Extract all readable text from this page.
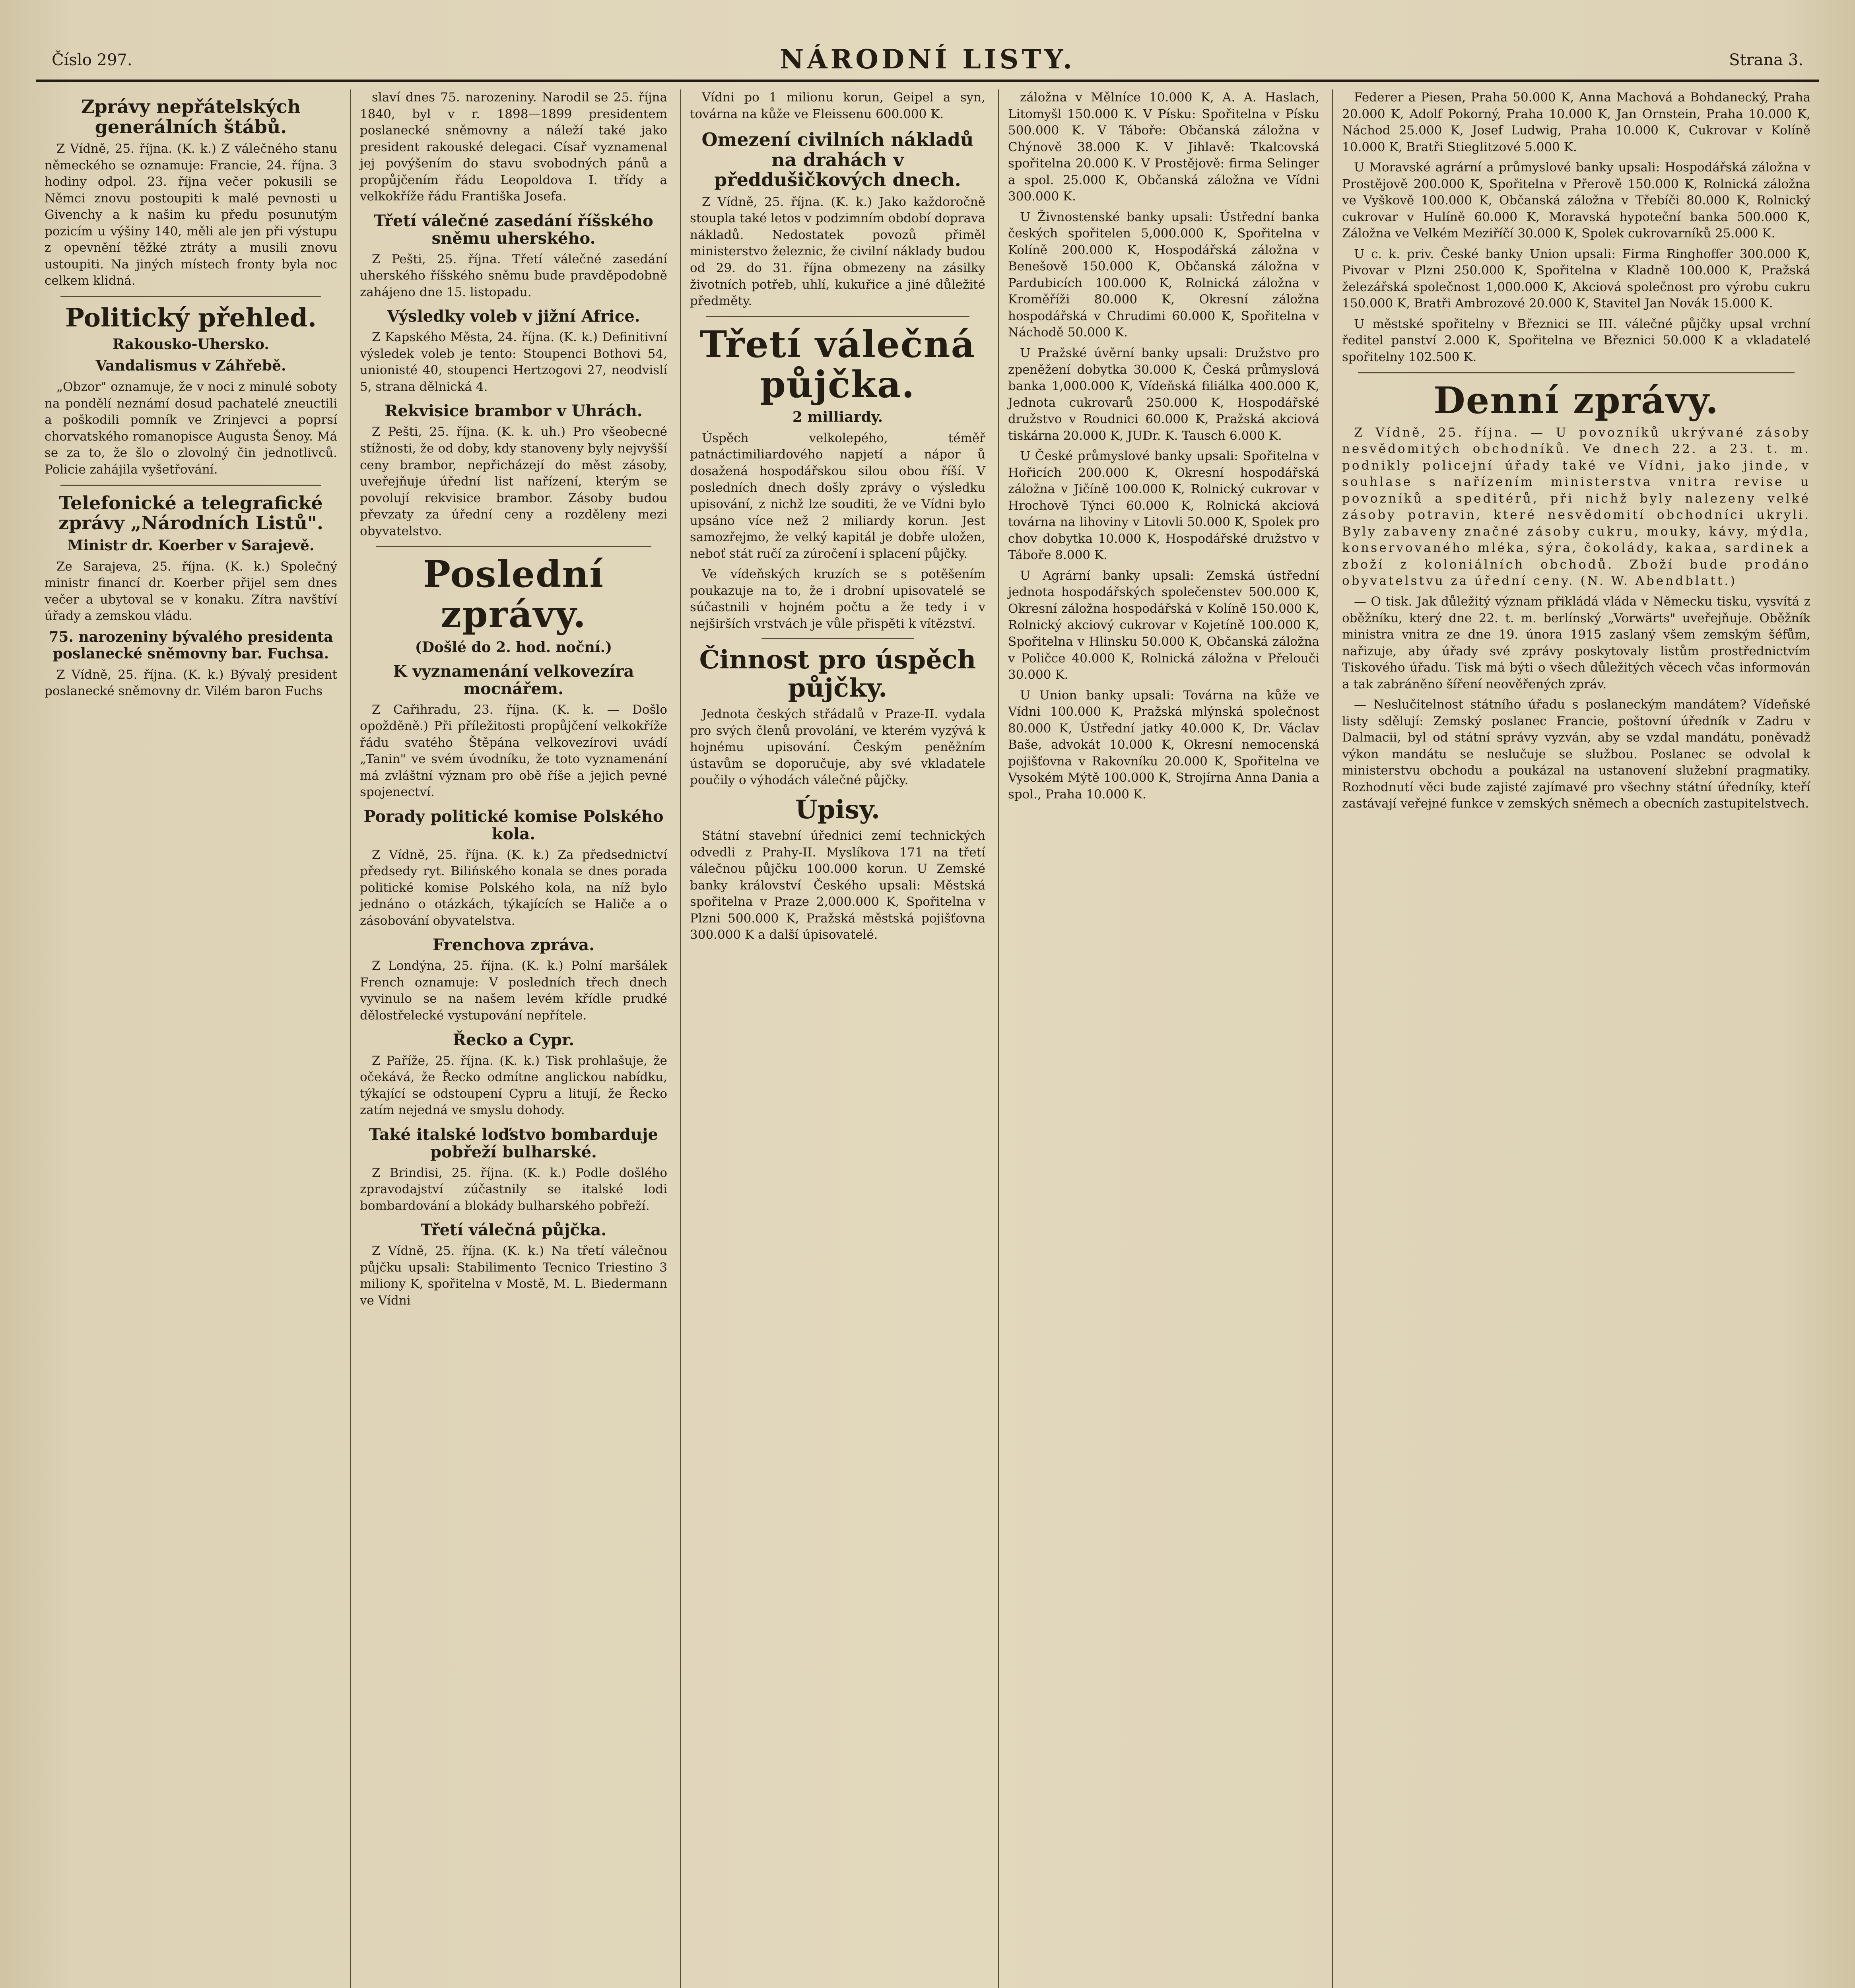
Číslo 297.	NÁRODNÍ LISTY.	Strana 3.
Zprávy nepřátelských generálních štábů.

Z Vídně, 25. října. (K. k.) Z válečného stanu německého se oznamuje: Francie, 24. října. 3 hodiny odpol. 23. října večer pokusili se Němci znovu postoupiti k malé pevnosti u Givenchy a k našim ku předu posunutým pozicím u výšiny 140, měli ale jen při výstupu z opevnění těžké ztráty a musili znovu ustoupiti. Na jiných místech fronty byla noc celkem klidná.

Politický přehled.
Rakousko-Uhersko.
Vandalismus v Záhřebě.

„Obzor" oznamuje, že v noci z minulé soboty na pondělí neznámí dosud pachatelé zneuctili a poškodili pomník ve Zrinjevci a poprsí chorvatského romanopisce Augusta Šenoy. Má se za to, že šlo o zlovolný čin jednotlivců. Policie zahájila vyšetřování.

Telefonické a telegrafické zprávy „Národních Listů".
Ministr dr. Koerber v Sarajevě.

Ze Sarajeva, 25. října. (K. k.) Společný ministr financí dr. Koerber přijel sem dnes večer a ubytoval se v konaku. Zítra navštíví úřady a zemskou vládu.

75. narozeniny bývalého presidenta poslanecké sněmovny bar. Fuchsa.

Z Vídně, 25. října. (K. k.) Bývalý president poslanecké sněmovny dr. Vilém baron Fuchs

slaví dnes 75. narozeniny. Narodil se 25. října 1840, byl v r. 1898—1899 presidentem poslanecké sněmovny a náleží také jako president rakouské delegaci. Císař vyznamenal jej povýšením do stavu svobodných pánů a propůjčením řádu Leopoldova I. třídy a velkokříže řádu Františka Josefa.

Třetí válečné zasedání říšského sněmu uherského.

Z Pešti, 25. října. Třetí válečné zasedání uherského říšského sněmu bude pravděpodobně zahájeno dne 15. listopadu.

Výsledky voleb v jižní Africe.

Z Kapského Města, 24. října. (K. k.) Definitivní výsledek voleb je tento: Stoupenci Bothovi 54, unionisté 40, stoupenci Hertzogovi 27, neodvislí 5, strana dělnická 4.

Rekvisice brambor v Uhrách.

Z Pešti, 25. října. (K. k. uh.) Pro všeobecné stížnosti, že od doby, kdy stanoveny byly nejvyšší ceny brambor, nepřicházejí do měst zásoby, uveřejňuje úřední list nařízení, kterým se povolují rekvisice brambor. Zásoby budou převzaty za úřední ceny a rozděleny mezi obyvatelstvo.

Poslední zprávy.
(Došlé do 2. hod. noční.)
K vyznamenání velkovezíra mocnářem.

Z Cařihradu, 23. října. (K. k. — Došlo opožděně.) Při příležitosti propůjčení velkokříže řádu svatého Štěpána velkovezírovi uvádí „Tanin" ve svém úvodníku, že toto vyznamenání má zvláštní význam pro obě říše a jejich pevné spojenectví.

Porady politické komise Polského kola.

Z Vídně, 25. října. (K. k.) Za předsednictví předsedy ryt. Bilińského konala se dnes porada politické komise Polského kola, na níž bylo jednáno o otázkách, týkajících se Haliče a o zásobování obyvatelstva.

Frenchova zpráva.

Z Londýna, 25. října. (K. k.) Polní maršálek French oznamuje: V posledních třech dnech vyvinulo se na našem levém křídle prudké dělostřelecké vystupování nepřítele.

Řecko a Cypr.

Z Paříže, 25. října. (K. k.) Tisk prohlašuje, že očekává, že Řecko odmítne anglickou nabídku, týkající se odstoupení Cypru a litují, že Řecko zatím nejedná ve smyslu dohody.

Také italské loďstvo bombarduje pobřeží bulharské.

Z Brindisi, 25. října. (K. k.) Podle došlého zpravodajství zúčastnily se italské lodi bombardování a blokády bulharského pobřeží.

Třetí válečná půjčka.

Z Vídně, 25. října. (K. k.) Na třetí válečnou půjčku upsali: Stabilimento Tecnico Triestino 3 miliony K, spořitelna v Mostě, M. L. Biedermann ve Vídni

Vídni po 1 milionu korun, Geipel a syn, továrna na kůže ve Fleissenu 600.000 K.

Omezení civilních nákladů na drahách v předdušičkových dnech.

Z Vídně, 25. října. (K. k.) Jako každoročně stoupla také letos v podzimním období doprava nákladů. Nedostatek povozů přiměl ministerstvo železnic, že civilní náklady budou od 29. do 31. října obmezeny na zásilky životních potřeb, uhlí, kukuřice a jiné důležité předměty.

Třetí válečná půjčka.
2 milliardy.

Úspěch velkolepého, téměř patnáctimiliardového napjetí a nápor ů dosažená hospodářskou silou obou říší. V posledních dnech došly zprávy o výsledku upisování, z nichž lze souditi, že ve Vídni bylo upsáno více než 2 miliardy korun. Jest samozřejmo, že velký kapitál je dobře uložen, neboť stát ručí za zúročení i splacení půjčky.

Ve vídeňských kruzích se s potěšením poukazuje na to, že i drobní upisovatelé se súčastnili v hojném počtu a že tedy i v nejširších vrstvách je vůle přispěti k vítězství.

Činnost pro úspěch půjčky.

Jednota českých střádalů v Praze-II. vydala pro svých členů provolání, ve kterém vyzývá k hojnému upisování. Českým peněžním ústavům se doporučuje, aby své vkladatele poučily o výhodách válečné půjčky.

Úpisy.

Státní stavební úřednici zemí technických odvedli z Prahy-II. Myslíkova 171 na třetí válečnou půjčku 100.000 korun. U Zemské banky království Českého upsali: Městská spořitelna v Praze 2,000.000 K, Spořitelna v Plzni 500.000 K, Pražská městská pojišťovna 300.000 K a další úpisovatelé.

záložna v Mělníce 10.000 K, A. A. Haslach, Litomyšl 150.000 K. V Písku: Spořitelna v Písku 500.000 K. V Táboře: Občanská záložna v Chýnově 38.000 K. V Jihlavě: Tkalcovská spořitelna 20.000 K. V Prostějově: firma Selinger a spol. 25.000 K, Občanská záložna ve Vídni 300.000 K.

U Živnostenské banky upsali: Ústřední banka českých spořitelen 5,000.000 K, Spořitelna v Kolíně 200.000 K, Hospodářská záložna v Benešově 150.000 K, Občanská záložna v Pardubicích 100.000 K, Rolnická záložna v Kroměříži 80.000 K, Okresní záložna hospodářská v Chrudimi 60.000 K, Spořitelna v Náchodě 50.000 K.

U Pražské úvěrní banky upsali: Družstvo pro zpeněžení dobytka 30.000 K, Česká průmyslová banka 1,000.000 K, Vídeňská filiálka 400.000 K, Jednota cukrovarů 250.000 K, Hospodářské družstvo v Roudnici 60.000 K, Pražská akciová tiskárna 20.000 K, JUDr. K. Tausch 6.000 K.

U České průmyslové banky upsali: Spořitelna v Hořicích 200.000 K, Okresní hospodářská záložna v Jičíně 100.000 K, Rolnický cukrovar v Hrochově Týnci 60.000 K, Rolnická akciová továrna na lihoviny v Litovli 50.000 K, Spolek pro chov dobytka 10.000 K, Hospodářské družstvo v Táboře 8.000 K.

U Agrární banky upsali: Zemská ústřední jednota hospodářských společenstev 500.000 K, Okresní záložna hospodářská v Kolíně 150.000 K, Rolnický akciový cukrovar v Kojetíně 100.000 K, Spořitelna v Hlinsku 50.000 K, Občanská záložna v Poličce 40.000 K, Rolnická záložna v Přelouči 30.000 K.

U Union banky upsali: Továrna na kůže ve Vídni 100.000 K, Pražská mlýnská společnost 80.000 K, Ústřední jatky 40.000 K, Dr. Václav Baše, advokát 10.000 K, Okresní nemocenská pojišťovna v Rakovníku 20.000 K, Spořitelna ve Vysokém Mýtě 100.000 K, Strojírna Anna Dania a spol., Praha 10.000 K.

Federer a Piesen, Praha 50.000 K, Anna Machová a Bohdanecký, Praha 20.000 K, Adolf Pokorný, Praha 10.000 K, Jan Ornstein, Praha 10.000 K, Náchod 25.000 K, Josef Ludwig, Praha 10.000 K, Cukrovar v Kolíně 10.000 K, Bratři Stieglitzové 5.000 K.

U Moravské agrární a průmyslové banky upsali: Hospodářská záložna v Prostějově 200.000 K, Spořitelna v Přerově 150.000 K, Rolnická záložna ve Vyškově 100.000 K, Občanská záložna v Třebíči 80.000 K, Rolnický cukrovar v Hulíně 60.000 K, Moravská hypoteční banka 500.000 K, Záložna ve Velkém Meziříčí 30.000 K, Spolek cukrovarníků 25.000 K.

U c. k. priv. České banky Union upsali: Firma Ringhoffer 300.000 K, Pivovar v Plzni 250.000 K, Spořitelna v Kladně 100.000 K, Pražská železářská společnost 1,000.000 K, Akciová společnost pro výrobu cukru 150.000 K, Bratři Ambrozové 20.000 K, Stavitel Jan Novák 15.000 K.

U městské spořitelny v Březnici se III. válečné půjčky upsal vrchní ředitel panství 2.000 K, Spořitelna ve Březnici 50.000 K a vkladatelé spořitelny 102.500 K.

Denní zprávy.

Z Vídně, 25. října. — U povozníků ukrývané zásoby nesvědomitých obchodníků. Ve dnech 22. a 23. t. m. podnikly policejní úřady také ve Vídni, jako jinde, v souhlase s nařízením ministerstva vnitra revise u povozníků a speditérů, při nichž byly nalezeny velké zásoby potravin, které nesvědomití obchodníci ukryli. Byly zabaveny značné zásoby cukru, mouky, kávy, mýdla, konservovaného mléka, sýra, čokolády, kakaa, sardinek a zboží z koloniálních obchodů. Zboží bude prodáno obyvatelstvu za úřední ceny. (N. W. Abendblatt.)

— O tisk. Jak důležitý význam přikládá vláda v Německu tisku, vysvítá z oběžníku, který dne 22. t. m. berlínský „Vorwärts" uveřejňuje. Oběžník ministra vnitra ze dne 19. února 1915 zaslaný všem zemským šéfům, nařizuje, aby úřady své zprávy poskytovaly listům prostřednictvím Tiskového úřadu. Tisk má býti o všech důležitých věcech včas informován a tak zabráněno šíření neověřených zpráv.

— Neslučitelnost státního úřadu s poslaneckým mandátem? Vídeňské listy sdělují: Zemský poslanec Francie, poštovní úředník v Zadru v Dalmacii, byl od státní správy vyzván, aby se vzdal mandátu, poněvadž výkon mandátu se neslučuje se službou. Poslanec se odvolal k ministerstvu obchodu a poukázal na ustanovení služební pragmatiky. Rozhodnutí věci bude zajisté zajímavé pro všechny státní úředníky, kteří zastávají veřejné funkce v zemských sněmech a obecních zastupitelstvech.
